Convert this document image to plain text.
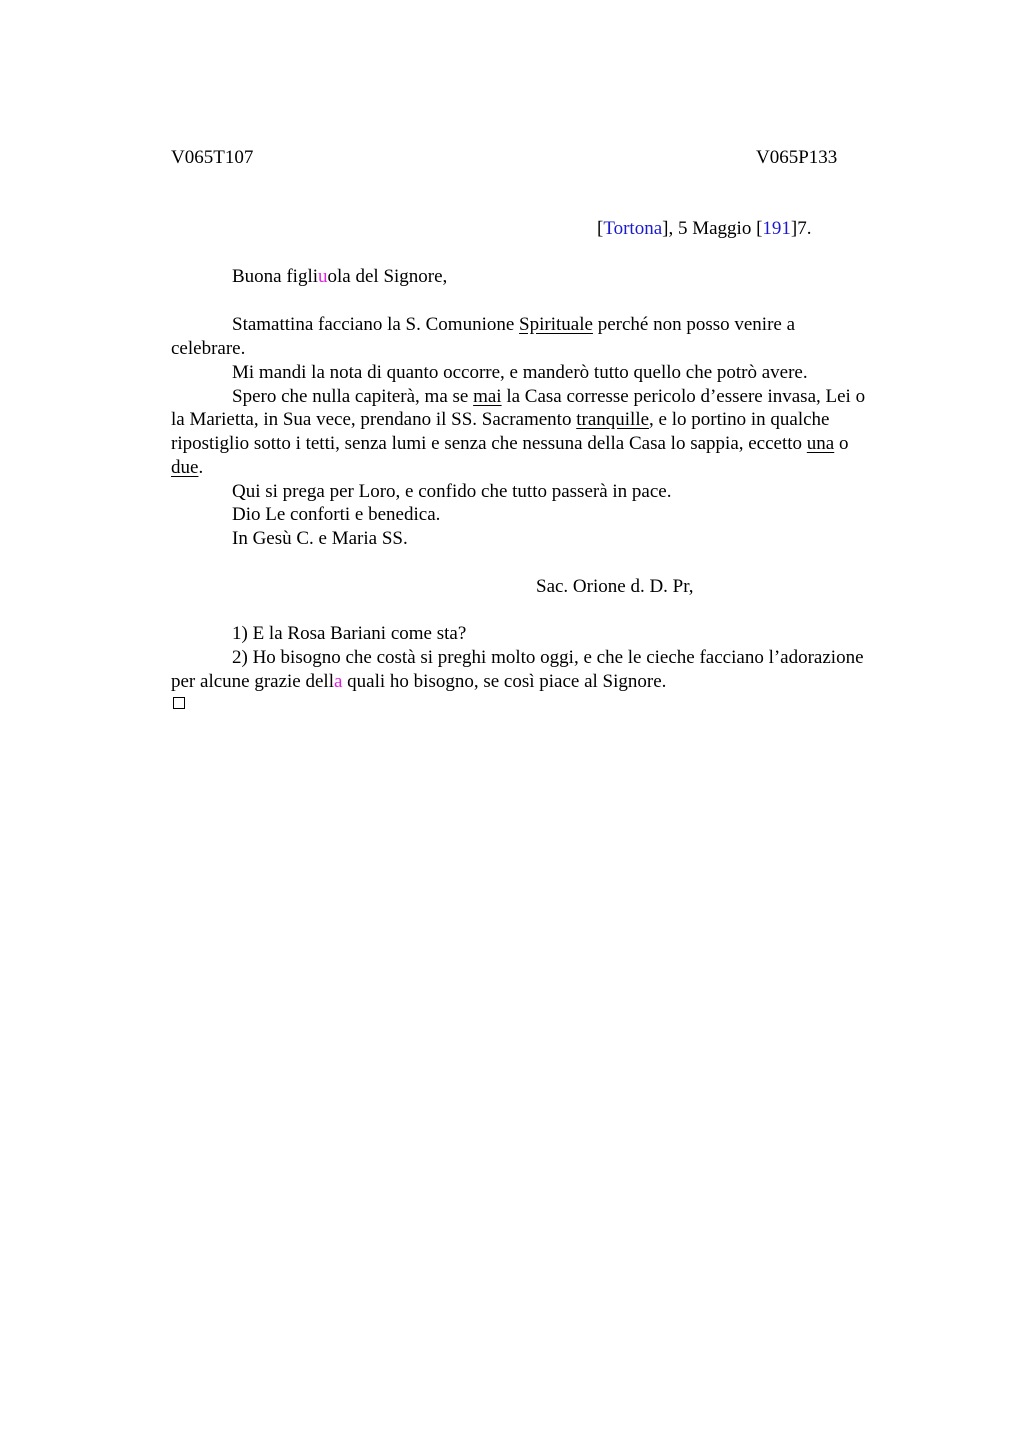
V065T107	V065P133
[Tortona], 5 Maggio [191]7.
Buona figliuola del Signore,
Stamattina facciano la S. Comunione Spirituale perché non posso venire a
celebrare.
Mi mandi la nota di quanto occorre, e manderò tutto quello che potrò avere.
Spero che nulla capiterà, ma se mai la Casa corresse pericolo d’essere invasa, Lei o
la Marietta, in Sua vece, prendano il SS. Sacramento tranquille, e lo portino in qualche
ripostiglio sotto i tetti, senza lumi e senza che nessuna della Casa lo sappia, eccetto una o
due.
Qui si prega per Loro, e confido che tutto passerà in pace.
Dio Le conforti e benedica.
In Gesù C. e Maria SS.
Sac. Orione d. D. Pr,
1) E la Rosa Bariani come sta?
2) Ho bisogno che costà si preghi molto oggi, e che le cieche facciano l’adorazione
per alcune grazie della quali ho bisogno, se così piace al Signore.
